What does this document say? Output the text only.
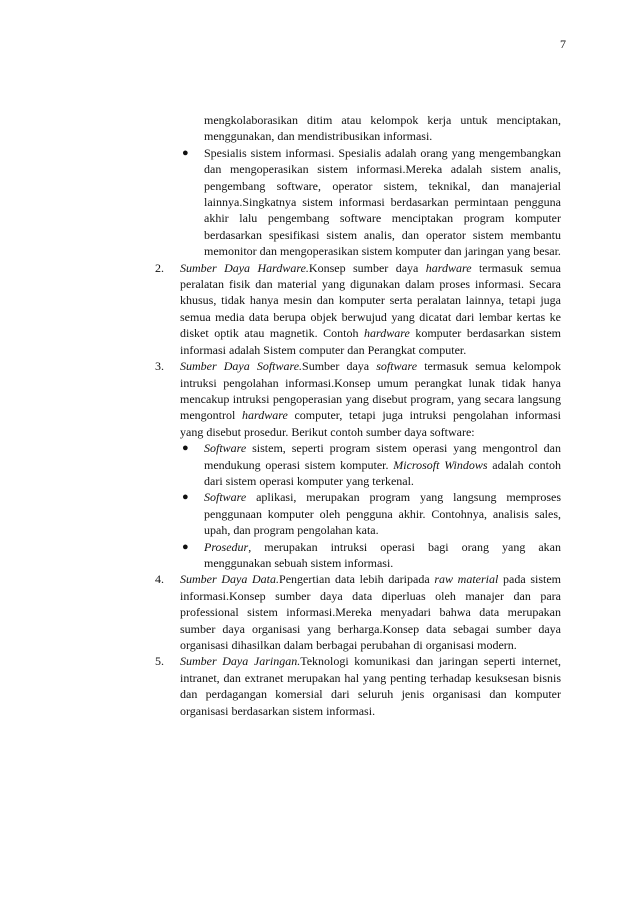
7

mengkolaborasikan ditim atau kelompok kerja untuk menciptakan, menggunakan, dan mendistribusikan informasi.

● Spesialis sistem informasi. Spesialis adalah orang yang mengembangkan dan mengoperasikan sistem informasi.Mereka adalah sistem analis, pengembang software, operator sistem, teknikal, dan manajerial lainnya.Singkatnya sistem informasi berdasarkan permintaan pengguna akhir lalu pengembang software menciptakan program komputer berdasarkan spesifikasi sistem analis, dan operator sistem membantu memonitor dan mengoperasikan sistem komputer dan jaringan yang besar.

2. Sumber Daya Hardware.Konsep sumber daya hardware termasuk semua peralatan fisik dan material yang digunakan dalam proses informasi. Secara khusus, tidak hanya mesin dan komputer serta peralatan lainnya, tetapi juga semua media data berupa objek berwujud yang dicatat dari lembar kertas ke disket optik atau magnetik. Contoh hardware komputer berdasarkan sistem informasi adalah Sistem computer dan Perangkat computer.

3. Sumber Daya Software.Sumber daya software termasuk semua kelompok intruksi pengolahan informasi.Konsep umum perangkat lunak tidak hanya mencakup intruksi pengoperasian yang disebut program, yang secara langsung mengontrol hardware computer, tetapi juga intruksi pengolahan informasi yang disebut prosedur. Berikut contoh sumber daya software:

● Software sistem, seperti program sistem operasi yang mengontrol dan mendukung operasi sistem komputer. Microsoft Windows adalah contoh dari sistem operasi komputer yang terkenal.

● Software aplikasi, merupakan program yang langsung memproses penggunaan komputer oleh pengguna akhir. Contohnya, analisis sales, upah, dan program pengolahan kata.

● Prosedur, merupakan intruksi operasi bagi orang yang akan menggunakan sebuah sistem informasi.

4. Sumber Daya Data.Pengertian data lebih daripada raw material pada sistem informasi.Konsep sumber daya data diperluas oleh manajer dan para professional sistem informasi.Mereka menyadari bahwa data merupakan sumber daya organisasi yang berharga.Konsep data sebagai sumber daya organisasi dihasilkan dalam berbagai perubahan di organisasi modern.

5. Sumber Daya Jaringan.Teknologi komunikasi dan jaringan seperti internet, intranet, dan extranet merupakan hal yang penting terhadap kesuksesan bisnis dan perdagangan komersial dari seluruh jenis organisasi dan komputer organisasi berdasarkan sistem informasi.
